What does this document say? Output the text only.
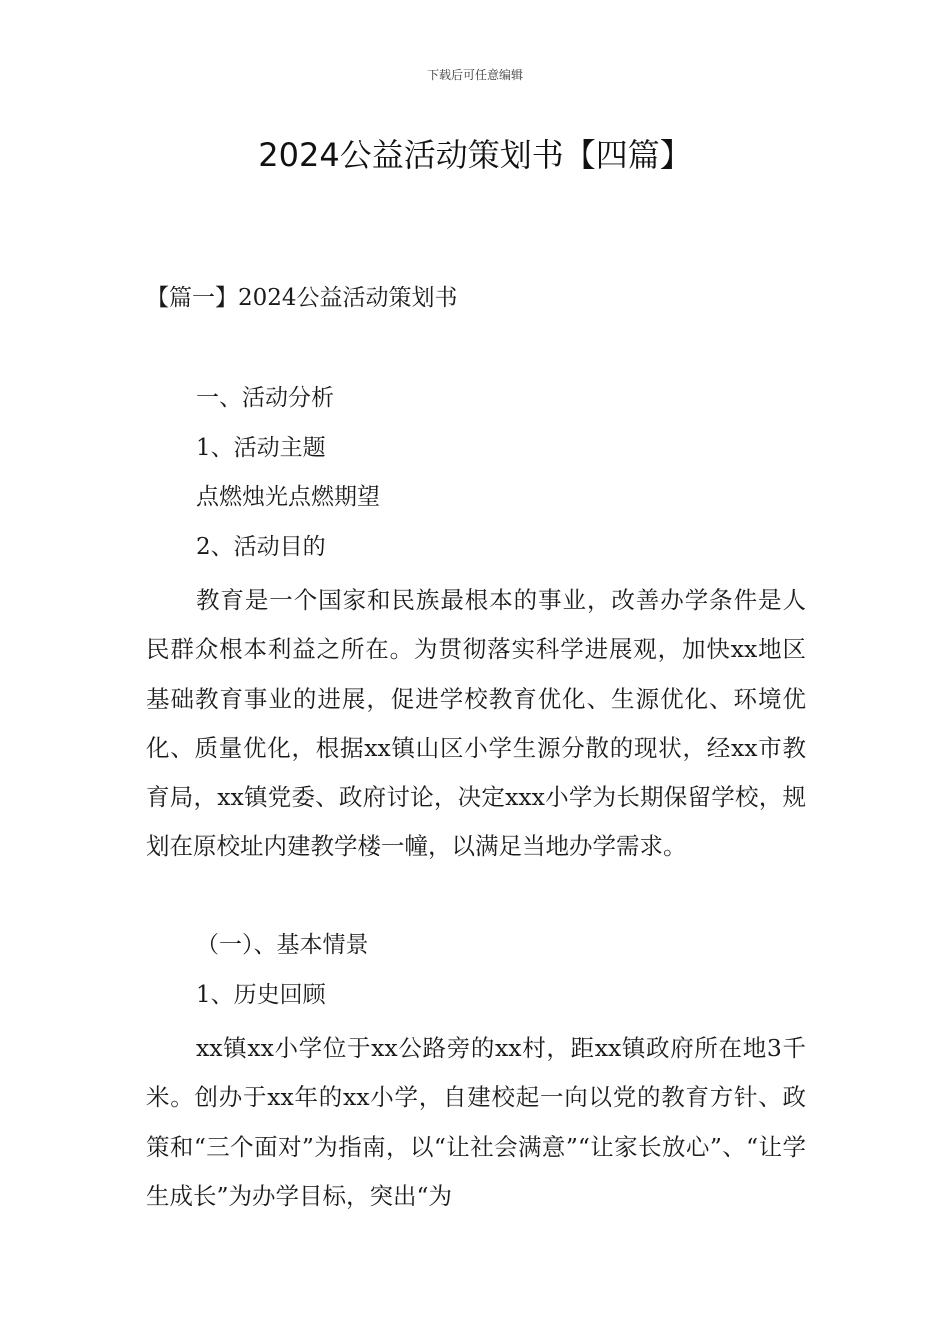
下载后可任意编辑
2024公益活动策划书【四篇】
【篇一】2024公益活动策划书
一、活动分析
1、活动主题
点燃烛光点燃期望
2、活动目的

教育是一个国家和民族最根本的事业，改善办学条件是人民群众根本利益之所在。为贯彻落实科学进展观，加快xx地区基础教育事业的进展，促进学校教育优化、生源优化、环境优化、质量优化，根据xx镇山区小学生源分散的现状，经xx市教育局，xx镇党委、政府讨论，决定xxx小学为长期保留学校，规划在原校址内建教学楼一幢，以满足当地办学需求。

（一）、基本情景
1、历史回顾

xx镇xx小学位于xx公路旁的xx村，距xx镇政府所在地3千米。创办于xx年的xx小学，自建校起一向以党的教育方针、政策和“三个面对”为指南，以“让社会满意”“让家长放心”、“让学生成长”为办学目标，突出“为
